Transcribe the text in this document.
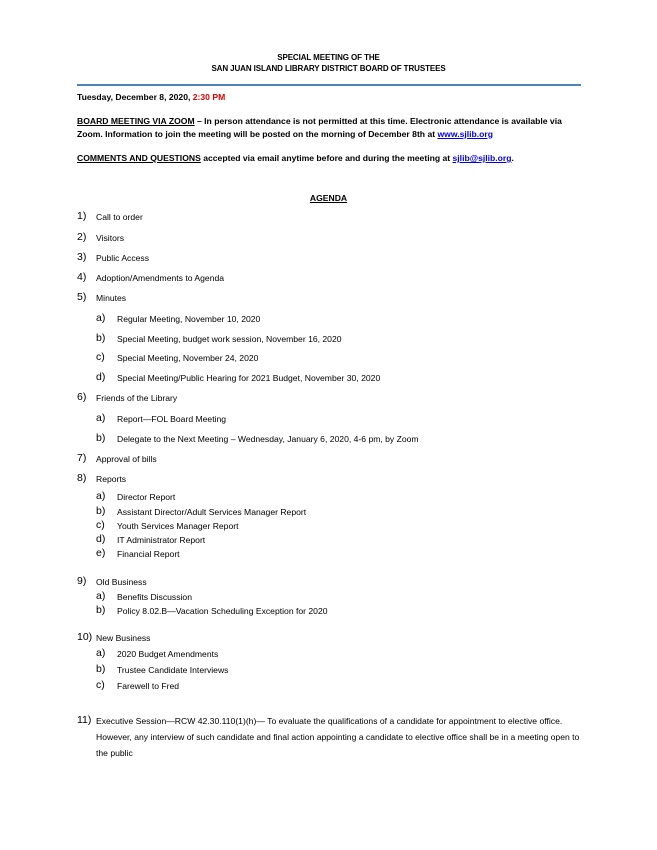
SPECIAL MEETING OF THE
SAN JUAN ISLAND LIBRARY DISTRICT BOARD OF TRUSTEES
Tuesday, December 8, 2020, 2:30 PM
BOARD MEETING VIA ZOOM – In person attendance is not permitted at this time. Electronic attendance is available via Zoom. Information to join the meeting will be posted on the morning of December 8th at www.sjlib.org
COMMENTS AND QUESTIONS accepted via email anytime before and during the meeting at sjlib@sjlib.org.
AGENDA
1) Call to order
2) Visitors
3) Public Access
4) Adoption/Amendments to Agenda
5) Minutes
a) Regular Meeting, November 10, 2020
b) Special Meeting, budget work session, November 16, 2020
c) Special Meeting, November 24, 2020
d) Special Meeting/Public Hearing for 2021 Budget, November 30, 2020
6) Friends of the Library
a) Report—FOL Board Meeting
b) Delegate to the Next Meeting – Wednesday, January 6, 2020, 4-6 pm, by Zoom
7) Approval of bills
8) Reports
a) Director Report
b) Assistant Director/Adult Services Manager Report
c) Youth Services Manager Report
d) IT Administrator Report
e) Financial Report
9) Old Business
a) Benefits Discussion
b) Policy 8.02.B—Vacation Scheduling Exception for 2020
10) New Business
a) 2020 Budget Amendments
b) Trustee Candidate Interviews
c) Farewell to Fred
11) Executive Session—RCW 42.30.110(1)(h)— To evaluate the qualifications of a candidate for appointment to elective office. However, any interview of such candidate and final action appointing a candidate to elective office shall be in a meeting open to the public
